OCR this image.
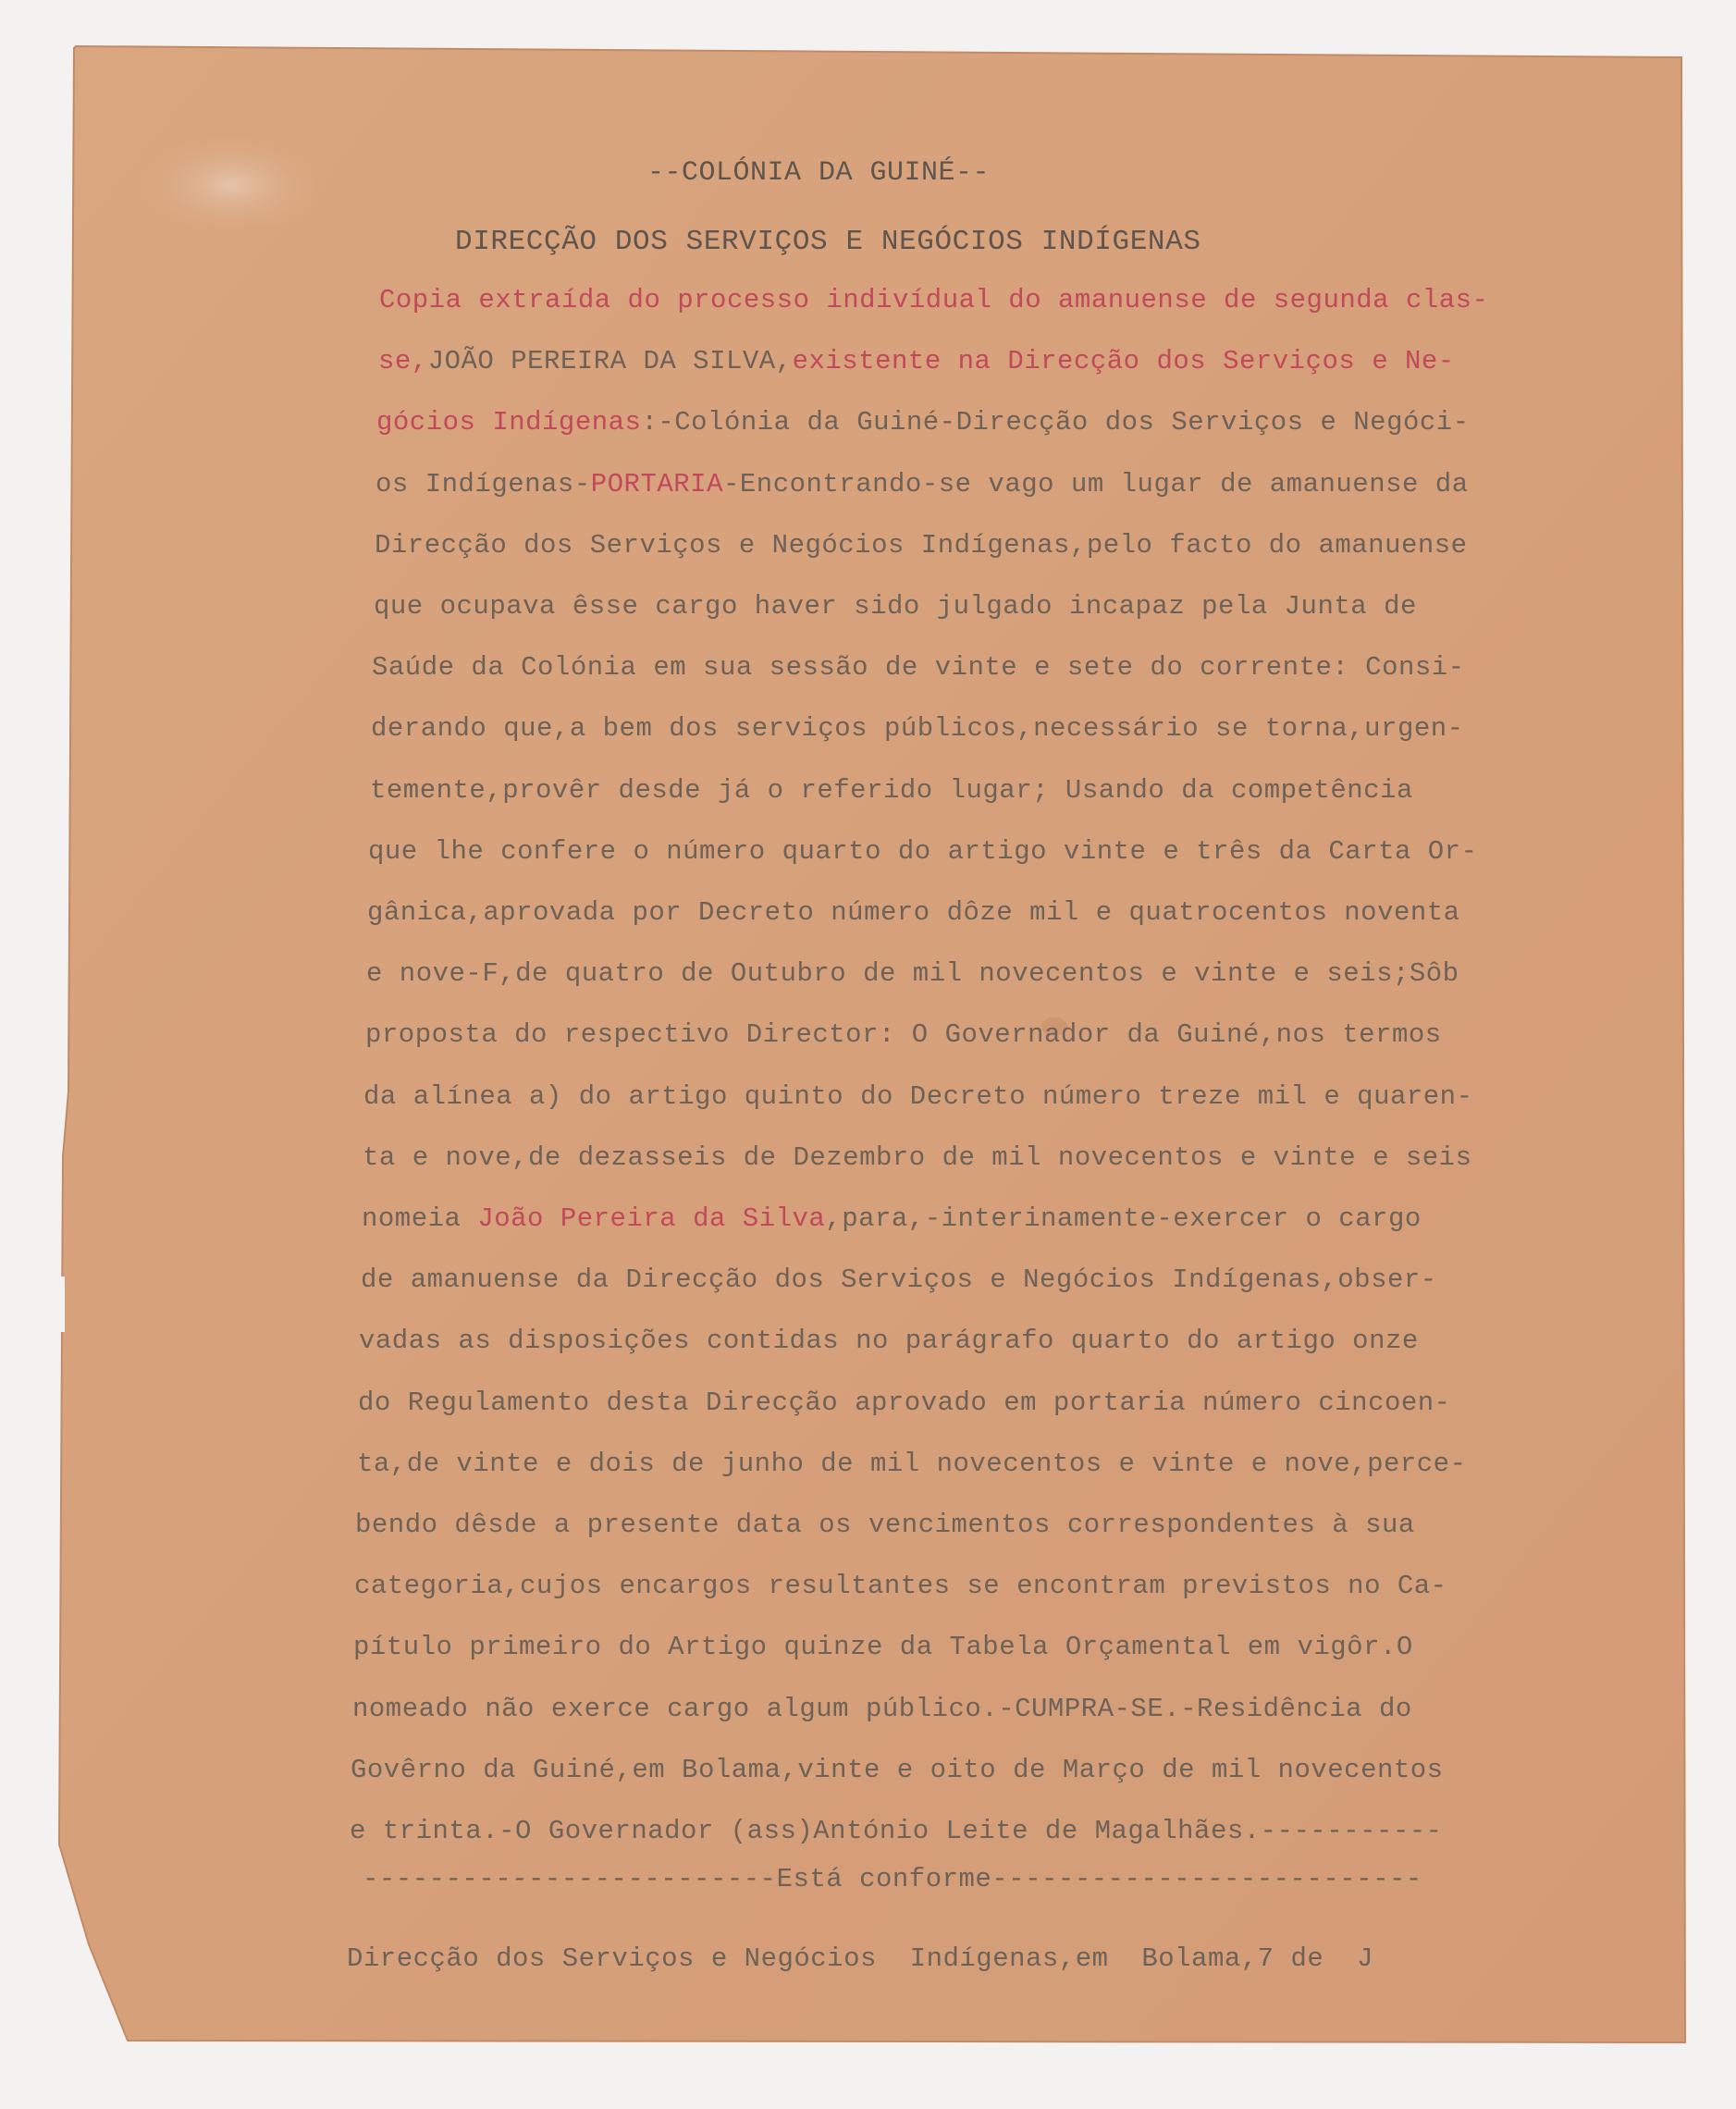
--COLÓNIA DA GUINÉ--
DIRECÇÃO DOS SERVIÇOS E NEGÓCIOS INDÍGENAS
Copia extraída do processo indivídual do amanuense de segunda clas-
se,JOÃO PEREIRA DA SILVA,existente na Direcção dos Serviços e Ne-
gócios Indígenas:-Colónia da Guiné-Direcção dos Serviços e Negóci-
os Indígenas-PORTARIA-Encontrando-se vago um lugar de amanuense da
Direcção dos Serviços e Negócios Indígenas,pelo facto do amanuense
que ocupava êsse cargo haver sido julgado incapaz pela Junta de
Saúde da Colónia em sua sessão de vinte e sete do corrente: Consi-
derando que,a bem dos serviços públicos,necessário se torna,urgen-
temente,provêr desde já o referido lugar; Usando da competência
que lhe confere o número quarto do artigo vinte e três da Carta Or-
gânica,aprovada por Decreto número dôze mil e quatrocentos noventa
e nove-F,de quatro de Outubro de mil novecentos e vinte e seis;Sôb
proposta do respectivo Director: O Governador da Guiné,nos termos
da alínea a) do artigo quinto do Decreto número treze mil e quaren-
ta e nove,de dezasseis de Dezembro de mil novecentos e vinte e seis
nomeia João Pereira da Silva,para,-interinamente-exercer o cargo
de amanuense da Direcção dos Serviços e Negócios Indígenas,obser-
vadas as disposições contidas no parágrafo quarto do artigo onze
do Regulamento desta Direcção aprovado em portaria número cincoen-
ta,de vinte e dois de junho de mil novecentos e vinte e nove,perce-
bendo dêsde a presente data os vencimentos correspondentes à sua
categoria,cujos encargos resultantes se encontram previstos no Ca-
pítulo primeiro do Artigo quinze da Tabela Orçamental em vigôr.O
nomeado não exerce cargo algum público.-CUMPRA-SE.-Residência do
Govêrno da Guiné,em Bolama,vinte e oito de Março de mil novecentos
e trinta.-O Governador (ass)António Leite de Magalhães.-----------
-------------------------Está conforme--------------------------
Direcção dos Serviços e Negócios  Indígenas,em  Bolama,7 de  J
